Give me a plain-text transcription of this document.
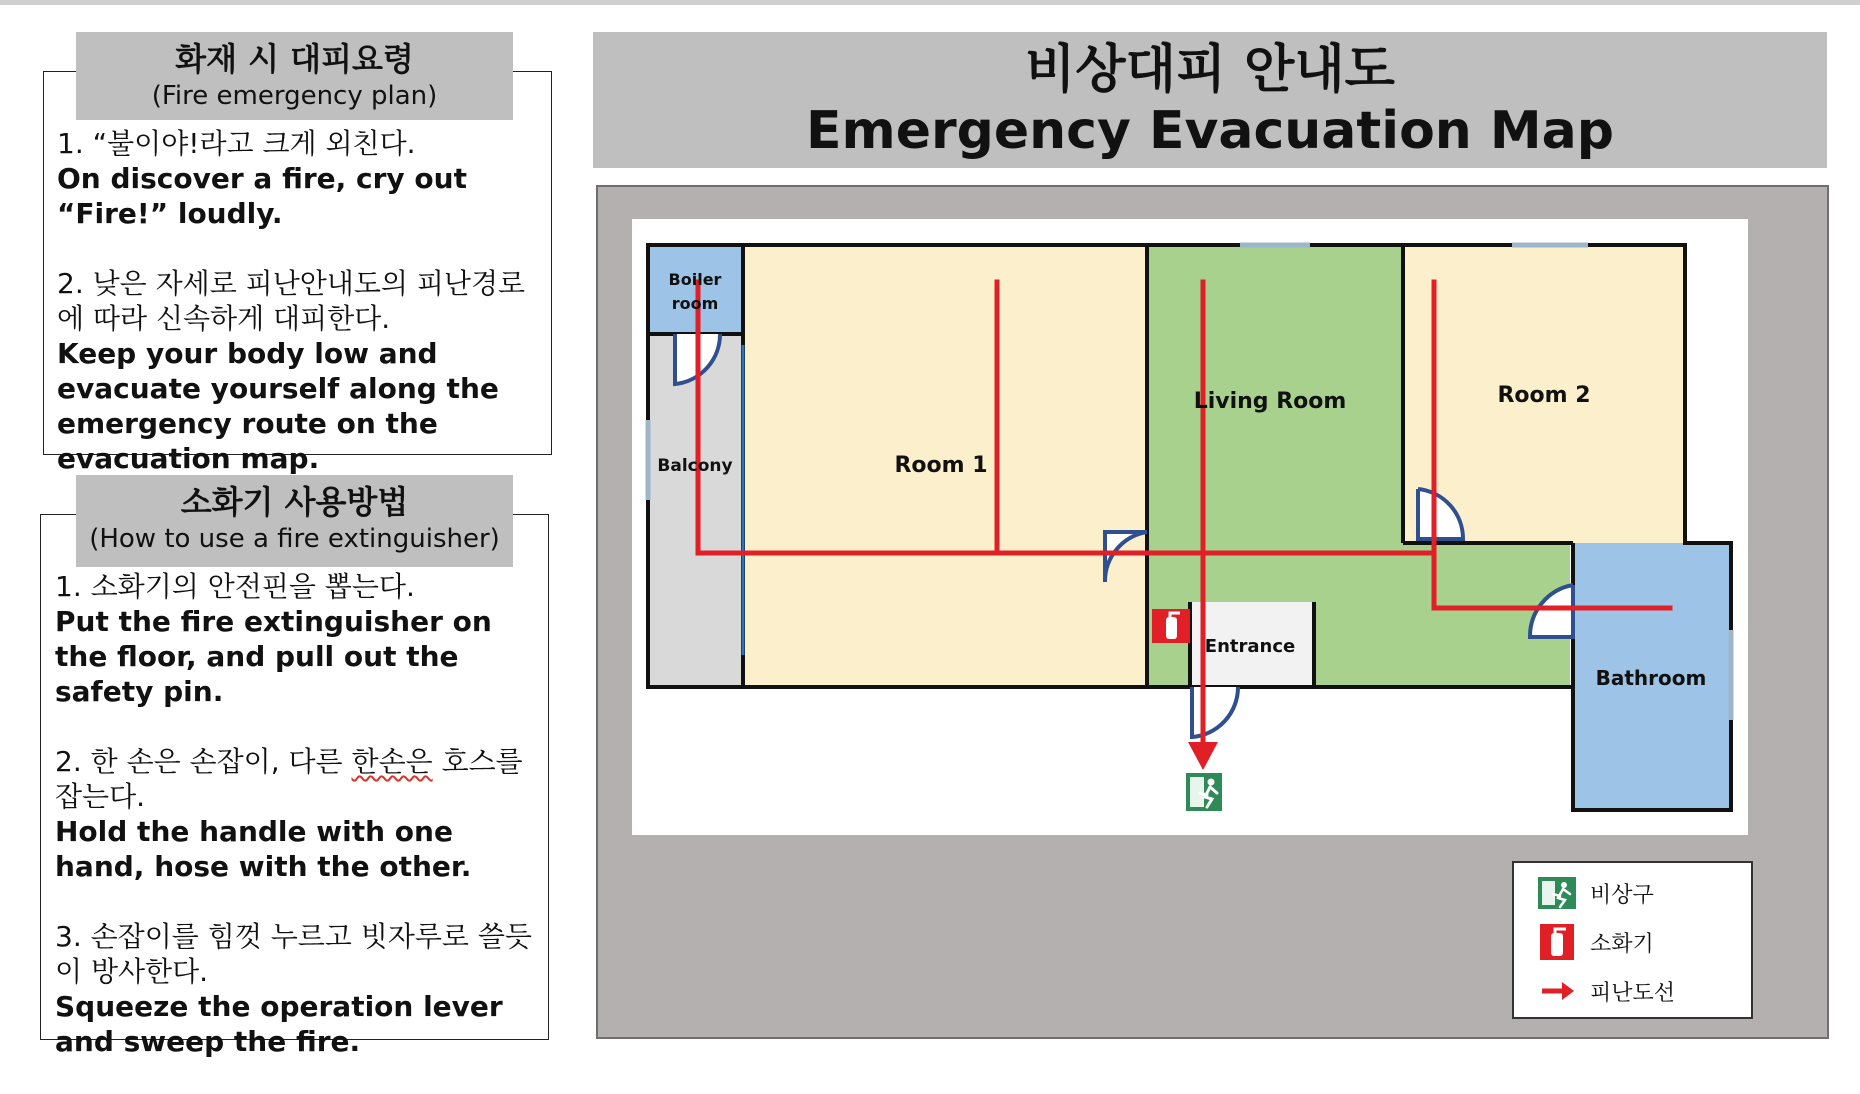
화재 시 대피요령
(Fire emergency plan)
1. “불이야!라고 크게 외친다.
On discover a fire, cry out “Fire!” loudly.
2. 낮은 자세로 피난안내도의 피난경로에 따라 신속하게 대피한다.
Keep your body low and evacuate yourself along the emergency route on the evacuation map.
소화기 사용방법
(How to use a fire extinguisher)
1. 소화기의 안전핀을 뽑는다.
Put the fire extinguisher on the floor, and pull out the safety pin.
2. 한 손은 손잡이, 다른 한손은 호스를 잡는다.
Hold the handle with one hand, hose with the other.
3. 손잡이를 힘껏 누르고 빗자루로 쓸듯이 방사한다.
Squeeze the operation lever and sweep the fire.
비상대피 안내도
Emergency Evacuation Map
Boiler
room
Balcony	Room 1
Living Room	Room 2
Entrance
Bathroom
비상구
소화기
피난도선
